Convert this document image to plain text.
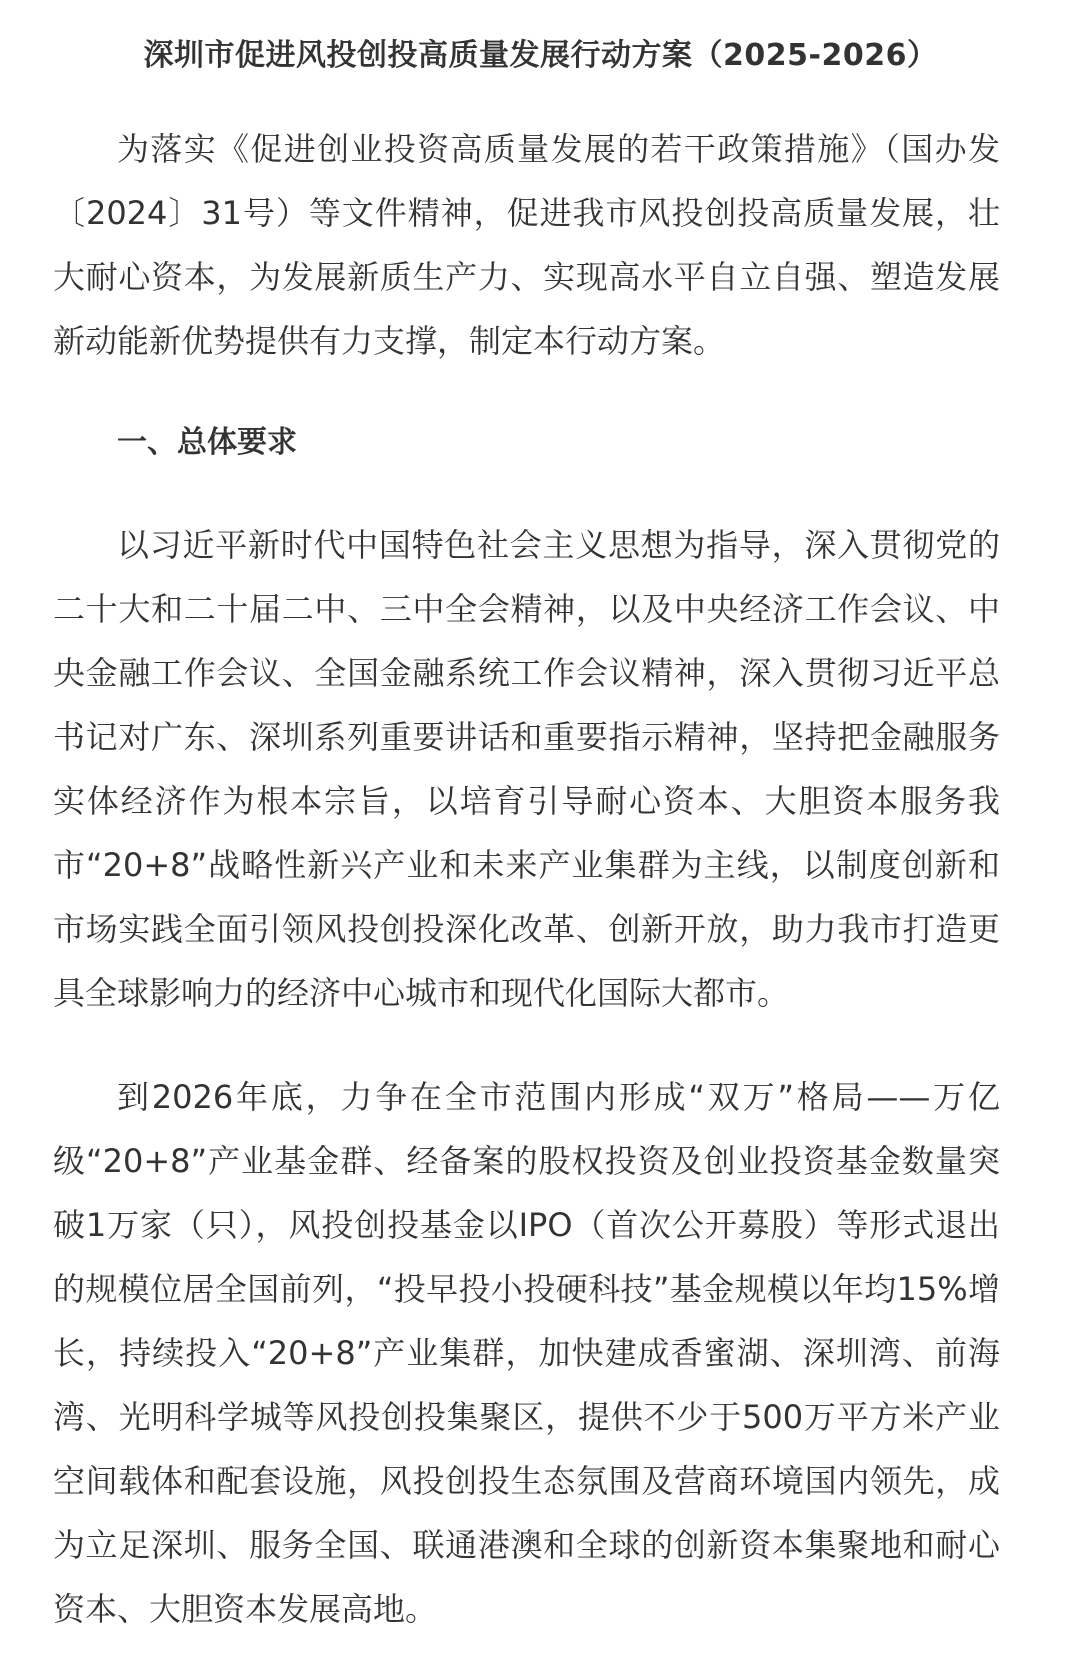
深圳市促进风投创投高质量发展行动方案（2025-2026）

为落实《促进创业投资高质量发展的若干政策措施》（国办发〔2024〕31号）等文件精神，促进我市风投创投高质量发展，壮大耐心资本，为发展新质生产力、实现高水平自立自强、塑造发展新动能新优势提供有力支撑，制定本行动方案。

一、总体要求

以习近平新时代中国特色社会主义思想为指导，深入贯彻党的二十大和二十届二中、三中全会精神，以及中央经济工作会议、中央金融工作会议、全国金融系统工作会议精神，深入贯彻习近平总书记对广东、深圳系列重要讲话和重要指示精神，坚持把金融服务实体经济作为根本宗旨，以培育引导耐心资本、大胆资本服务我市“20+8”战略性新兴产业和未来产业集群为主线，以制度创新和市场实践全面引领风投创投深化改革、创新开放，助力我市打造更具全球影响力的经济中心城市和现代化国际大都市。

到2026年底，力争在全市范围内形成“双万”格局——万亿级“20+8”产业基金群、经备案的股权投资及创业投资基金数量突破1万家（只），风投创投基金以IPO（首次公开募股）等形式退出的规模位居全国前列，“投早投小投硬科技”基金规模以年均15%增长，持续投入“20+8”产业集群，加快建成香蜜湖、深圳湾、前海湾、光明科学城等风投创投集聚区，提供不少于500万平方米产业空间载体和配套设施，风投创投生态氛围及营商环境国内领先，成为立足深圳、服务全国、联通港澳和全球的创新资本集聚地和耐心资本、大胆资本发展高地。
